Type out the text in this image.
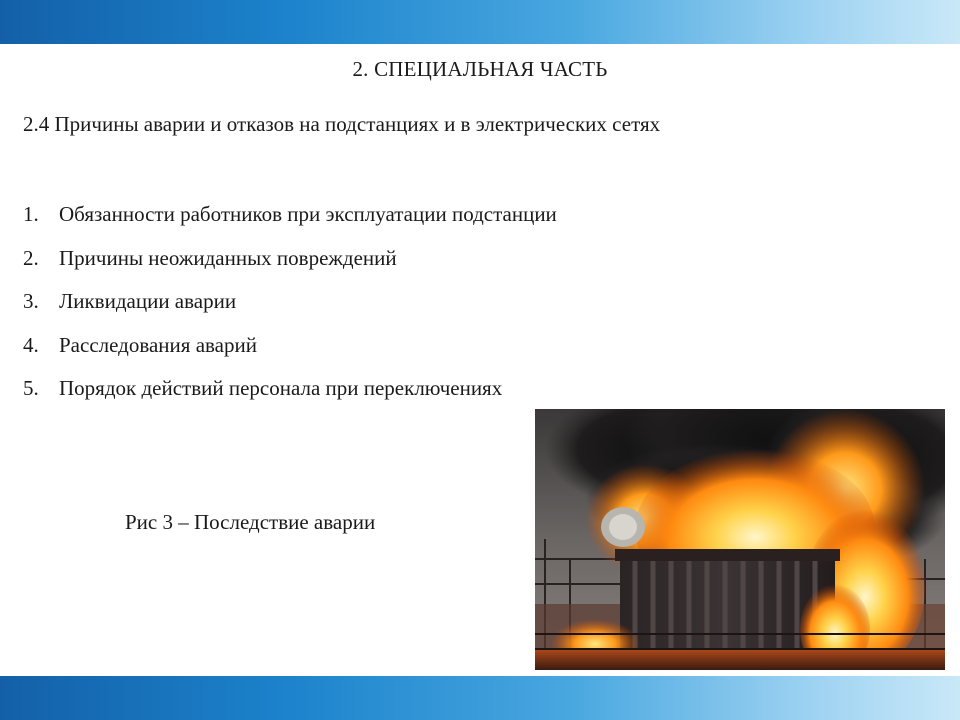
2. СПЕЦИАЛЬНАЯ ЧАСТЬ
2.4 Причины аварии и отказов на подстанциях и в электрических сетях
1. Обязанности работников при эксплуатации подстанции
2. Причины неожиданных повреждений
3. Ликвидации аварии
4. Расследования аварий
5. Порядок действий персонала при переключениях
Рис 3 – Последствие аварии
